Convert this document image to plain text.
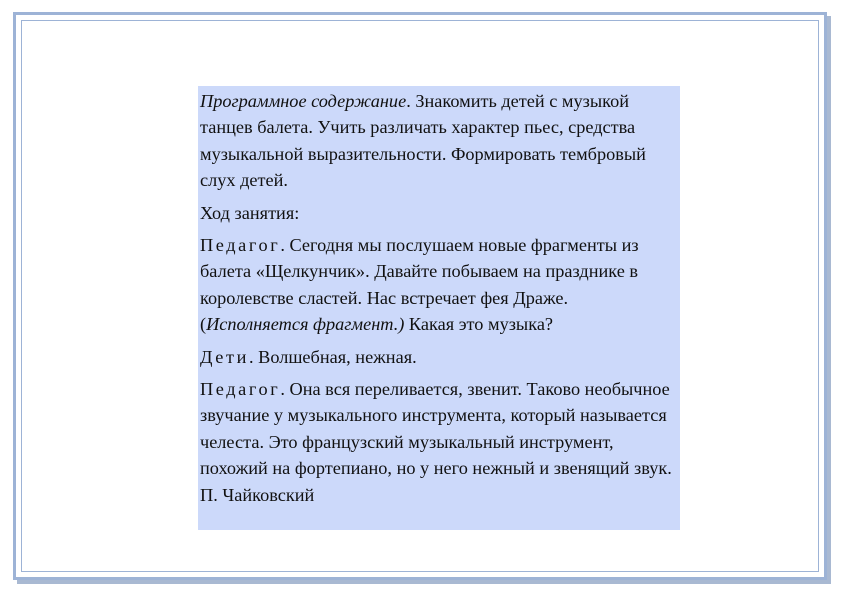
Программное содержание. Знакомить детей с музыкой танцев балета. Учить различать характер пьес, средства музыкальной выразительности. Формировать тембровый слух детей.

Ход занятия:

Педагог. Сегодня мы послушаем новые фрагменты из балета «Щелкунчик». Давайте побываем на празднике в королевстве сластей. Нас встречает фея Драже. (Исполняется фрагмент.) Какая это музыка?

Дети. Волшебная, нежная.

Педагог. Она вся переливается, звенит. Таково необычное звучание у музыкального инструмента, который называется челеста. Это французский музыкальный инструмент, похожий на фортепиано, но у него нежный и звенящий звук. П. Чайковский
